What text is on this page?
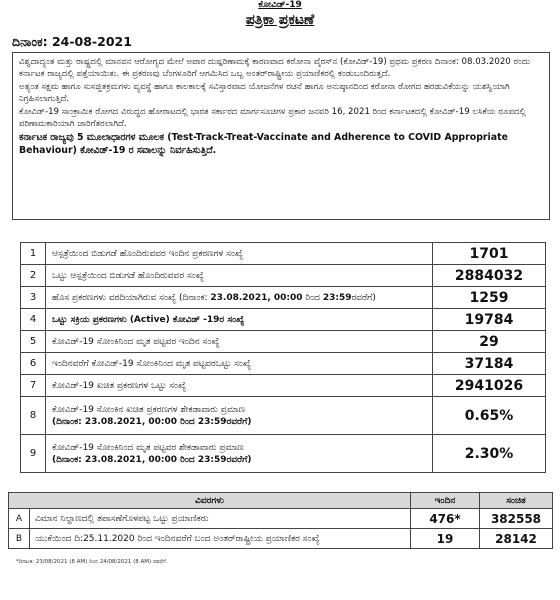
ಕೋವಿಡ್-19
ಪತ್ರಿಕಾ ಪ್ರಕಟಣೆ
ದಿನಾಂಕ: 24-08-2021

ವಿಶ್ವದಾದ್ಯಂತ ಮತ್ತು ರಾಷ್ಟ್ರದಲ್ಲಿ ಮಾನವನ ಆರೋಗ್ಯದ ಮೇಲೆ ಅಪಾರ ದುಷ್ಪರಿಣಾಮಕ್ಕೆ ಕಾರಣವಾದ ಕರೋನಾ ವೈರಸ್‌ನ (ಕೋವಿಡ್-19) ಪ್ರಥಮ ಪ್ರಕರಣ ದಿನಾಂಕ: 08.03.2020 ರಂದು ಕರ್ನಾಟಕ ರಾಜ್ಯದಲ್ಲಿ ಪತ್ತೆಯಾಯಿತು. ಈ ಪ್ರಕರಣವು ಬೆಂಗಳೂರಿಗೆ ಆಗಮಿಸಿದ ಒಬ್ಬ ಅಂತರ್‌ರಾಷ್ಟ್ರೀಯ ಪ್ರಯಾಣಿಕರಲ್ಲಿ ಕಂಡುಬಂದಿರುತ್ತದೆ.

ಅತ್ಯಂತ ಸಕ್ಷಮ ಹಾಗೂ ಸುಸಜ್ಜಿತಕ್ರಮಗಳು ವ್ಯವಸ್ಥೆ ಹಾಗೂ ಕಾಲಕಾಲಕ್ಕೆ ಸವಿಸ್ತಾರವಾದ ಯೋಜನೆಗಳ ರಚನೆ ಹಾಗೂ ಅನುಷ್ಠಾನದಿಂದ ಕರೋನಾ ರೋಗದ ಹರಡುವಿಕೆಯನ್ನು ಯಶಸ್ವಿಯಾಗಿ ನಿಗ್ರಹಿಸಲಾಗುತ್ತಿದೆ.

ಕೋವಿಡ್-19 ಸಾಂಕ್ರಾಮಿಕ ರೋಗದ ವಿರುದ್ಧದ ಹೋರಾಟದಲ್ಲಿ ಭಾರತ ಸರ್ಕಾರದ ಮಾರ್ಗಸೂಚಿಗಳ ಪ್ರಕಾರ ಜನವರಿ 16, 2021 ರಿಂದ ಕರ್ನಾಟಕದಲ್ಲಿ ಕೋವಿಡ್-19 ಲಸಿಕೆಯ ರೂಪದಲ್ಲಿ ಪರಿಣಾಮಕಾರಿಯಾಗಿ ಜಾರಿಗೆತರಲಾಗಿದೆ.

ಕರ್ನಾಟಕ ರಾಜ್ಯವು 5 ಮೂಲಾಧಾರಗಳ ಮೂಲಕ (Test-Track-Treat-Vaccinate and Adherence to COVID Appropriate Behaviour) ಕೋವಿಡ್-19 ರ ಸವಾಲನ್ನು ನಿರ್ವಹಿಸುತ್ತಿದೆ.

1	ಆಸ್ಪತ್ರೆಯಿಂದ ಬಿಡುಗಡೆ ಹೊಂದಿರುವವರ ಇಂದಿನ ಪ್ರಕರಣಗಳ ಸಂಖ್ಯೆ	1701
2	ಒಟ್ಟು ಆಸ್ಪತ್ರೆಯಿಂದ ಬಿಡುಗಡೆ ಹೊಂದಿರುವವರ ಸಂಖ್ಯೆ	2884032
3	ಹೊಸ ಪ್ರಕರಣಗಳು ವರದಿಯಾಗಿರುವ ಸಂಖ್ಯೆ (ದಿನಾಂಕ: 23.08.2021, 00:00 ರಿಂದ 23:59ರವರೆಗೆ)	1259
4	ಒಟ್ಟು ಸಕ್ರಿಯ ಪ್ರಕರಣಗಳು (Active) ಕೋವಿಡ್ -19ರ ಸಂಖ್ಯೆ	19784
5	ಕೋವಿಡ್-19 ಸೋಂಕಿನಿಂದ ಮೃತ ಪಟ್ಟವರ ಇಂದಿನ ಸಂಖ್ಯೆ	29
6	ಇಂದಿನವರೆಗೆ ಕೋವಿಡ್-19 ಸೋಂಕಿನಿಂದ ಮೃತ ಪಟ್ಟವರಒಟ್ಟು ಸಂಖ್ಯೆ	37184
7	ಕೋವಿಡ್-19 ಖಚಿತ ಪ್ರಕರಣಗಳ ಒಟ್ಟು ಸಂಖ್ಯೆ	2941026
8	ಕೋವಿಡ್-19 ಸೋಂಕಿನ ಖಚಿತ ಪ್ರಕರಣಗಳ ಶೇಕಡಾವಾರು ಪ್ರಮಾಣ
(ದಿನಾಂಕ: 23.08.2021, 00:00 ರಿಂದ 23:59ರವರೆಗೆ)	0.65%
9	ಕೋವಿಡ್-19 ಸೋಂಕಿನಿಂದ ಮೃತ ಪಟ್ಟವರ ಶೇಕಡಾವಾರು ಪ್ರಮಾಣ
(ದಿನಾಂಕ: 23.08.2021, 00:00 ರಿಂದ 23:59ರವರೆಗೆ)	2.30%
ವಿವರಗಳು		ಇಂದಿನ	ಸಂಚಿತ
A	ವಿಮಾನ ನಿಲ್ದಾಣದಲ್ಲಿ ತಪಾಸಣೆಗೊಳಪಟ್ಟ ಒಟ್ಟು ಪ್ರಯಾಣಿಕರು	476*	382558
B	ಯುಕೆಯಿಂದ ದಿ:25.11.2020 ರಿಂದ ಇಂದಿನವರೆಗೆ ಬಂದ ಅಂತರ್‌ರಾಷ್ಟ್ರೀಯ ಪ್ರಯಾಣಿಕರ ಸಂಖ್ಯೆ	19	28142
*ದಿನಾಂಕ: 23/08/2021 (8 AM) ರಿಂದ 24/08/2021 (8 AM) ರವರೆಗೆ.
